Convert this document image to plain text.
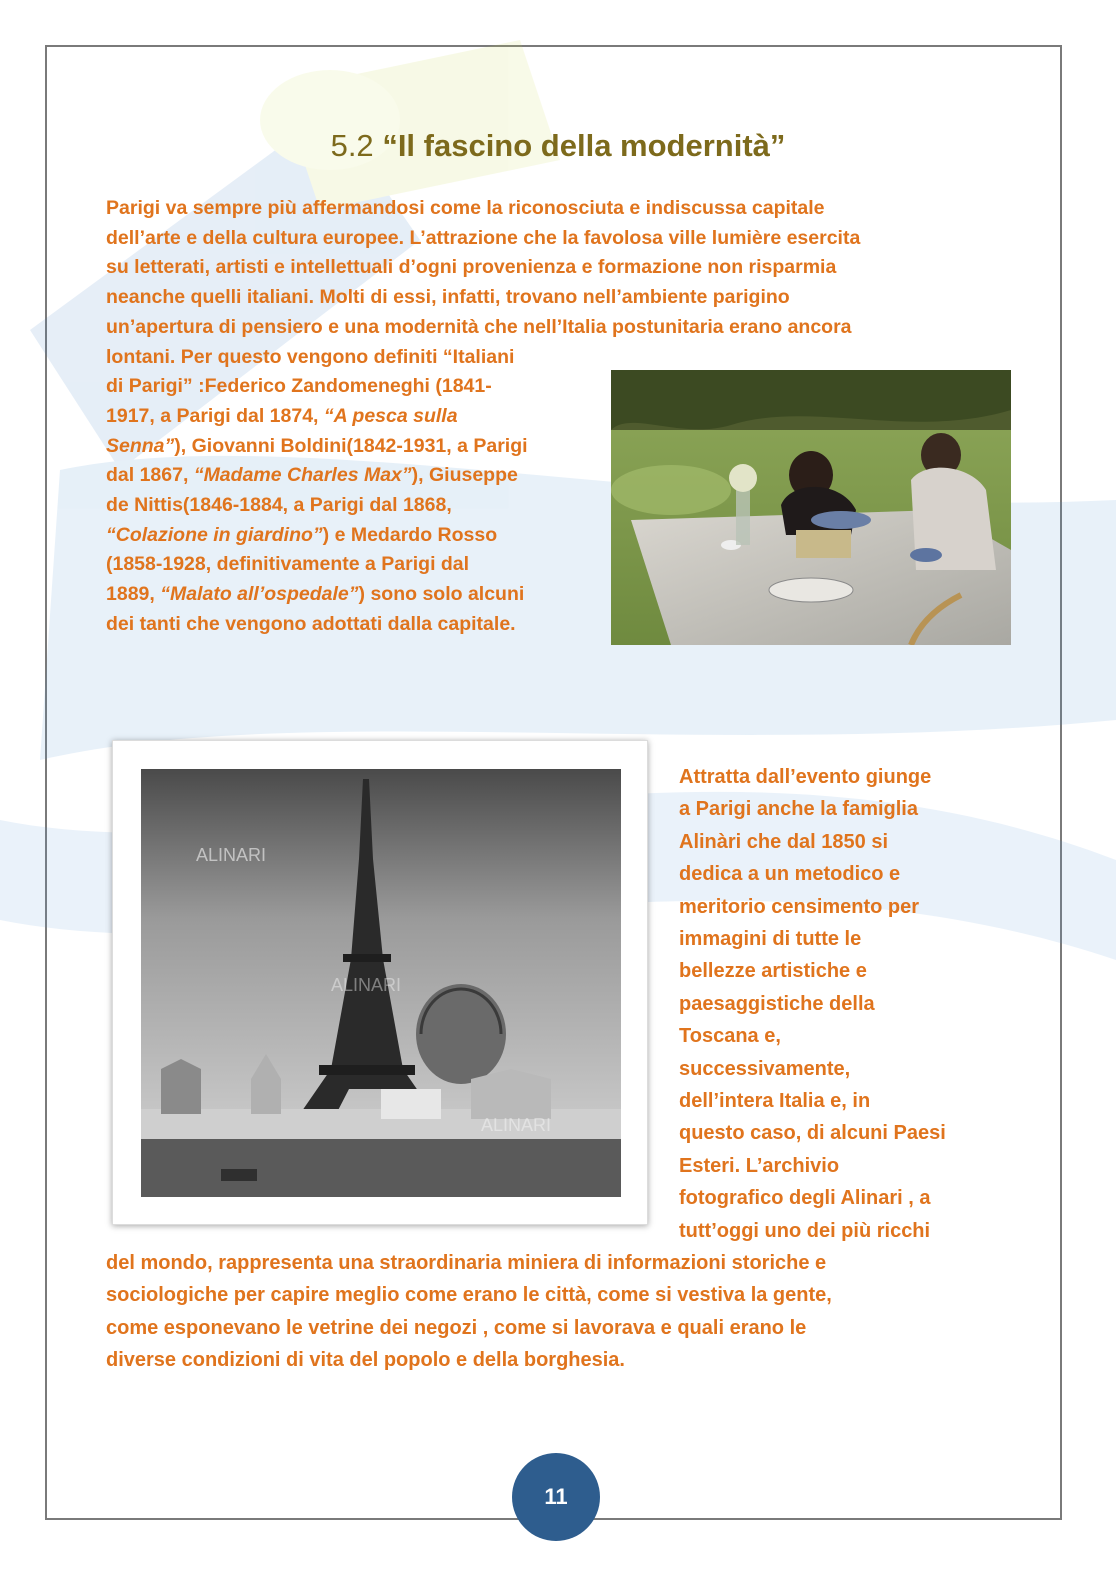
5.2 “Il fascino della modernità”
Parigi va sempre più affermandosi come la riconosciuta e indiscussa capitale
dell’arte e della cultura europee. L’attrazione che la favolosa ville lumière esercita
su letterati, artisti e intellettuali d’ogni provenienza e formazione non risparmia
neanche quelli italiani. Molti di essi, infatti, trovano nell’ambiente parigino
un’apertura di pensiero e una modernità che nell’Italia postunitaria erano ancora
lontani. Per questo vengono definiti “Italiani
di Parigi” :Federico Zandomeneghi (1841-
1917, a Parigi dal 1874, “A pesca sulla
Senna”), Giovanni Boldini(1842-1931, a Parigi
dal 1867, “Madame Charles Max”), Giuseppe
de Nittis(1846-1884, a Parigi dal 1868,
“Colazione in giardino”) e Medardo Rosso
(1858-1928, definitivamente a Parigi dal
1889, “Malato all’ospedale”) sono solo alcuni
dei tanti che vengono adottati dalla capitale.
ALINARI
ALINARI
ALINARI
Attratta dall’evento giunge
a Parigi anche la famiglia
Alinàri che dal 1850 si
dedica a un metodico e
meritorio censimento per
immagini di tutte le
bellezze artistiche e
paesaggistiche della
Toscana e,
successivamente,
dell’intera Italia e, in
questo caso, di alcuni Paesi
Esteri. L’archivio
fotografico degli Alinari , a
tutt’oggi uno dei più ricchi
del mondo, rappresenta una straordinaria miniera di informazioni storiche e
sociologiche per capire meglio come erano le città, come si vestiva la gente,
come esponevano le vetrine dei negozi , come si lavorava e quali erano le
diverse condizioni di vita del popolo e della borghesia.
11
